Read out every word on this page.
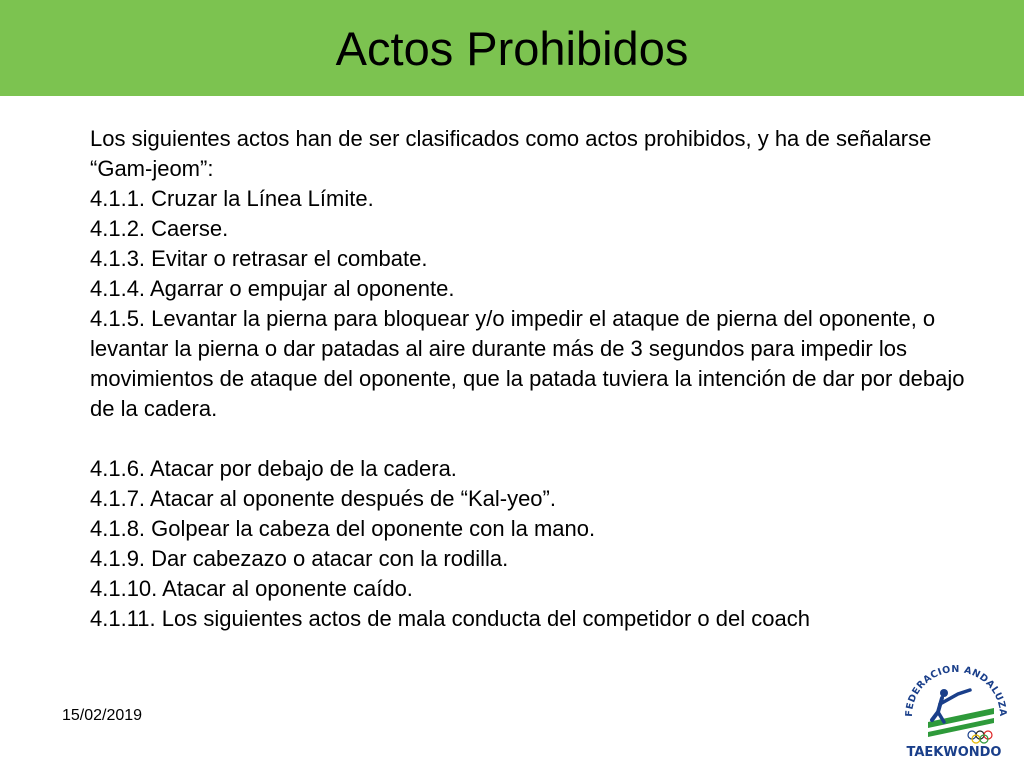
Actos Prohibidos

Los siguientes actos han de ser clasificados como actos prohibidos, y ha de señalarse “Gam-jeom”:

4.1.1. Cruzar la Línea Límite.

4.1.2. Caerse.

4.1.3. Evitar o retrasar el combate.

4.1.4. Agarrar o empujar al oponente.

4.1.5. Levantar la pierna para bloquear y/o impedir el ataque de pierna del oponente, o levantar la pierna o dar patadas al aire durante más de 3 segundos para impedir los movimientos de ataque del oponente, que la patada tuviera la intención de dar por debajo de la cadera.

4.1.6. Atacar por debajo de la cadera.

4.1.7. Atacar al oponente después de “Kal-yeo”.

4.1.8. Golpear la cabeza del oponente con la mano.

4.1.9. Dar cabezazo o atacar con la rodilla.

4.1.10. Atacar al oponente caído.

4.1.11. Los siguientes actos de mala conducta del competidor o del coach

15/02/2019	FEDERACION ANDALUZA
TAEKWONDO
